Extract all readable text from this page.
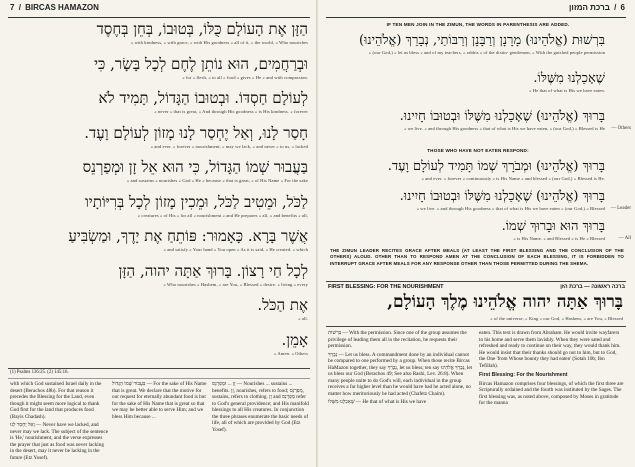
7 / BIRCAS HAMAZON
הַזָּן אֶת הָעוֹלָם כֻּלּוֹ, בְּטוּבוֹ, בְּחֵן בְּחֶסֶד
« with kindness, « with grace, « with His goodness « all of it, « the world, « Who nourishes
וּבְרַחֲמִים, הוּא נוֹתֵן לֶחֶם לְכָל בָּשָׂר, כִּי
« for « flesh, « to all « food « gives « He « and with compassion.
לְעוֹלָם חַסְדּוֹ. וּבְטוּבוֹ הַגָּדוֹל, תָּמִיד לֹא
« never « that is great, « And through His goodness « is His kindness. « forever
חָסַר לָנוּ, וְאַל יֶחְסַר לָנוּ מָזוֹן לְעוֹלָם וָעֶד.
« and ever. « forever « nourishment, « may we lack, « and never « to us, « lacked
בַּעֲבוּר שְׁמוֹ הַגָּדוֹל, כִּי הוּא אֵל זָן וּמְפַרְנֵס
« and sustains « nourishes « God « He « because « that is great, « of His Name « For the sake
לַכֹּל, וּמֵטִיב לַכֹּל, וּמֵכִין מָזוֹן לְכָל בְּרִיּוֹתָיו
« creatures « of His « for all « nourishment « and He prepares « all, « and benefits « all,
אֲשֶׁר בָּרָא. כָּאָמוּר: פּוֹתֵחַ אֶת יָדֶךָ, וּמַשְׂבִּיעַ
« and satisfy « Your hand « You open « As it is said, « He created. « which
לְכָל חַי רָצוֹן. בָּרוּךְ אַתָּה יהוה, הַזָּן
« Who nourishes « Hashem, « are You, « Blessed « desire. « living « every
אֶת הַכֹּל.
« all.
אָמֵן.
« Amen. « Others
(1) Psalms 136:25. (2) 145:16.
with which God sustained Israel daily in the desert (Berachos 48b). For that reason it precedes the Blessing for the Land, even though it might seem more logical to thank God first for the land that produces food (Bayis Chadash).
וְאַל יֶחְסַר לָנוּ — Never have we lacked, and never may we lack. The subject of the sentence is 'He,' nourishment, and the verse expresses the prayer that just as food was never lacking in the desert, may it never be lacking in the future (Etz Yosef).
בַּעֲבוּר שְׁמוֹ הַגָּדוֹל — For the sake of His Name that is great. We declare that the motive for our request for eternally abundant food is but for the sake of His Name that is great so that we may be better able to serve Him; and we bless Him because ...
זָן ... וּמְפַרְנֵס — Nourishes ... sustains ... benefits. זָן, nourishes, refers to food; מְפַרְנֵס, sustains, refers to clothing. זָן and מְפַרְנֵס refer to God's general providence; and His manifold blessings to all His creatures. In conjunction the three phrases enumerate the basic needs of life, all of which are provided by God (Etz Yosef).
6 / ברכת המזון
IF TEN MEN JOIN IN THE ZIMUN, THE WORDS IN PARENTHESIS ARE ADDED.
בִּרְשׁוּת (אֱלֹהֵינוּ) מָרָנָן וְרַבָּנָן וְרַבּוֹתַי, נְבָרֵךְ (אֱלֹהֵינוּ)
« (our God,) « let us bless « and of my teachers, « rabbis « of the distin- gentlemen, « With the guished people permission
שֶׁאָכַלְנוּ מִשֶּׁלּוֹ.
« He that of what is His we have eaten.
בָּרוּךְ (אֱלֹהֵינוּ) שֶׁאָכַלְנוּ מִשֶּׁלּוֹ וּבְטוּבוֹ חָיִינוּ.
« we live. « and through His goodness « that of what is His we have eaten, « (our God,) « Blessed is He — Others
THOSE WHO HAVE NOT EATEN RESPOND:
בָּרוּךְ (אֱלֹהֵינוּ) וּמְבֹרָךְ שְׁמוֹ תָּמִיד לְעוֹלָם וָעֶד.
« and ever. « forever « continuously « is His Name « and blessed « (our God,) « Blessed is He.
בָּרוּךְ (אֱלֹהֵינוּ) שֶׁאָכַלְנוּ מִשֶּׁלּוֹ וּבְטוּבוֹ חָיִינוּ.
« we live. « and through His goodness « that of what is His we have eaten « (our God,) « Blessed — Leader
בָּרוּךְ הוּא וּבָרוּךְ שְׁמוֹ.
« is His Name. « and Blessed « is He « Blessed	— All
THE ZIMUN LEADER RECITES GRACE AFTER MEALS (AT LEAST THE FIRST BLESSING AND THE CONCLUSION OF THE OTHERS) ALOUD. OTHER THAN TO RESPOND AMEN AT THE CONCLUSION OF EACH BLESSING, IT IS FORBIDDEN TO INTERRUPT GRACE AFTER MEALS FOR ANY RESPONSE OTHER THAN THOSE PERMITTED DURING THE SHEMA.
FIRST BLESSING: FOR THE NOURISHMENT	ברכה ראשונה — ברכת הזן
בָּרוּךְ אַתָּה יהוה אֱלֹהֵינוּ מֶלֶךְ הָעוֹלָם,
« of the universe, « King « our God, « Hashem, « are You, « Blessed
בִּרְשׁוּת — With the permission. Since one of the group assumes the privilege of leading them all in the recitation, he requests their permission.
נְבָרֵךְ — Let us bless. A commandment done by an individual cannot be compared to one performed by a group. When those recite Bircas HaMazon together, they say נְבָרֵךְ, let us bless; ten say נְבָרֵךְ אֱלֹהֵינוּ, let us bless our God (Berachos 49; See also Rashi, Lev. 26:8). When many people unite to do God's will, each individual in the group receives a far higher level than he would have had he acted alone, no matter how meritoriously he had acted (Chafetz Chaim).
שֶׁאָכַלְנוּ מִשֶּׁלּוֹ — He that of what is His we have
eaten. This text is drawn from Abraham. He would invite wayfarers to his home and serve them lavishly. When they were sated and refreshed and ready to continue on their way, they would thank him. He would insist that their thanks should go not to him, but to God, the One 'from Whose bounty they had eaten' (Sotah 10b; Ibn Tefillah).
First Blessing: For the Nourishment
Bircas Hamazon comprises four blessings, of which the first three are Scripturally ordained and the fourth was instituted by the Sages. The first blessing was, as noted above, composed by Moses in gratitude for the manna
